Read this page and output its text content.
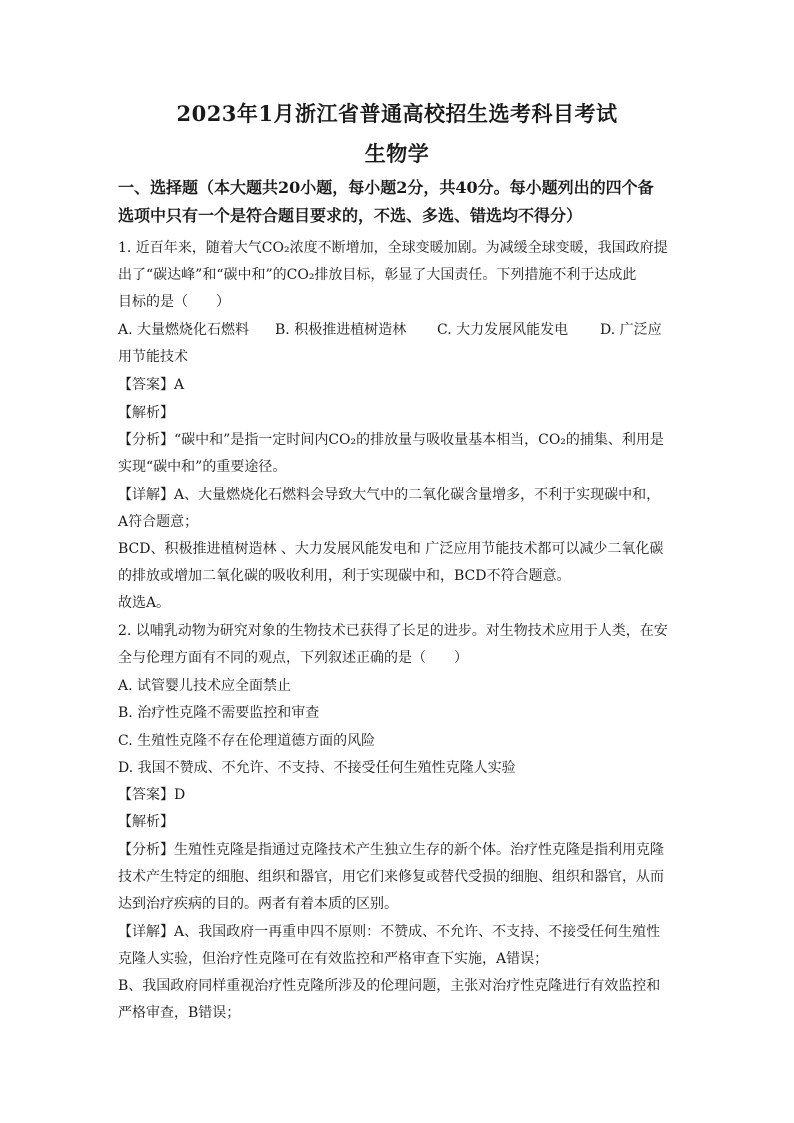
2023年1月浙江省普通高校招生选考科目考试
生物学
一、选择题（本大题共20小题，每小题2分，共40分。每小题列出的四个备
选项中只有一个是符合题目要求的，不选、多选、错选均不得分）
1. 近百年来，随着大气CO₂浓度不断增加，全球变暖加剧。为减缓全球变暖，我国政府提
出了“碳达峰”和“碳中和”的CO₂排放目标，彰显了大国责任。下列措施不利于达成此
目标的是（　　）
A. 大量燃烧化石燃料	B. 积极推进植树造林	C. 大力发展风能发电	D. 广泛应
用节能技术
【答案】A
【解析】
【分析】“碳中和”是指一定时间内CO₂的排放量与吸收量基本相当，CO₂的捕集、利用是
实现“碳中和”的重要途径。
【详解】A、大量燃烧化石燃料会导致大气中的二氧化碳含量增多，不利于实现碳中和，
A符合题意；
BCD、积极推进植树造林 、大力发展风能发电和 广泛应用节能技术都可以减少二氧化碳
的排放或增加二氧化碳的吸收利用，利于实现碳中和，BCD不符合题意。
故选A。
2. 以哺乳动物为研究对象的生物技术已获得了长足的进步。对生物技术应用于人类，在安
全与伦理方面有不同的观点，下列叙述正确的是（　　）
A. 试管婴儿技术应全面禁止
B. 治疗性克隆不需要监控和审查
C. 生殖性克隆不存在伦理道德方面的风险
D. 我国不赞成、不允许、不支持、不接受任何生殖性克隆人实验
【答案】D
【解析】
【分析】生殖性克隆是指通过克隆技术产生独立生存的新个体。治疗性克隆是指利用克隆
技术产生特定的细胞、组织和器官，用它们来修复或替代受损的细胞、组织和器官，从而
达到治疗疾病的目的。两者有着本质的区别。
【详解】A、我国政府一再重申四不原则：不赞成、不允许、不支持、不接受任何生殖性
克隆人实验，但治疗性克隆可在有效监控和严格审查下实施，A错误；
B、我国政府同样重视治疗性克隆所涉及的伦理问题，主张对治疗性克隆进行有效监控和
严格审查，B错误；
